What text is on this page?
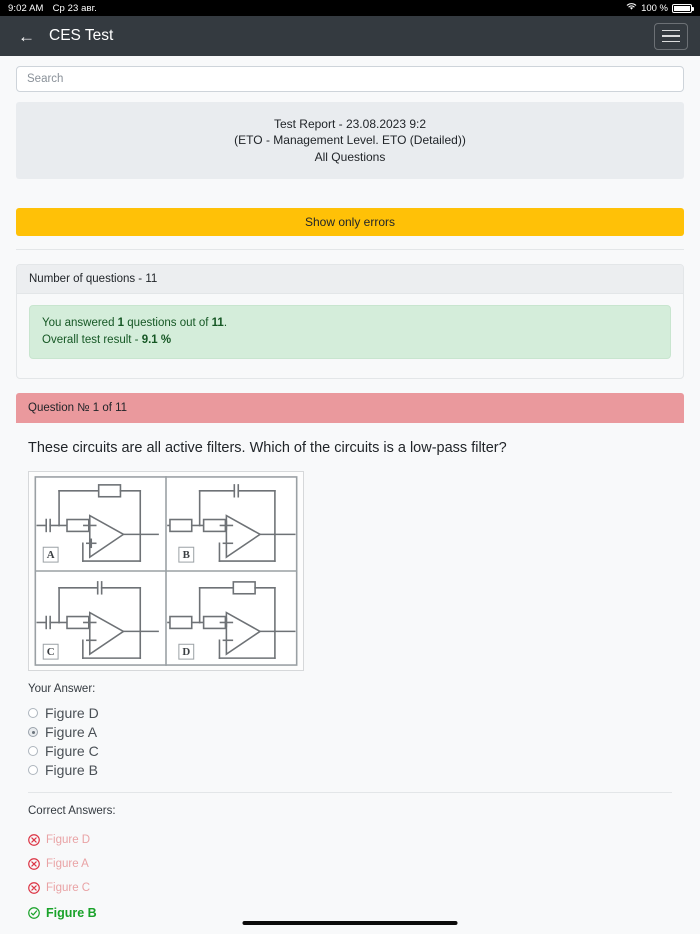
9:02 AM Ср 23 авг.	100 %
← CES Test
Search
Test Report - 23.08.2023 9:2
(ETO - Management Level. ETO (Detailed))
All Questions
Show only errors
Number of questions - 11
You answered 1 questions out of 11.
Overall test result - 9.1 %
Question № 1 of 11
These circuits are all active filters. Which of the circuits is a low-pass filter?
A	B
C	D
Your Answer:
Figure D
Figure A
Figure C
Figure B
Correct Answers:
Figure D
Figure A
Figure C
Figure B
